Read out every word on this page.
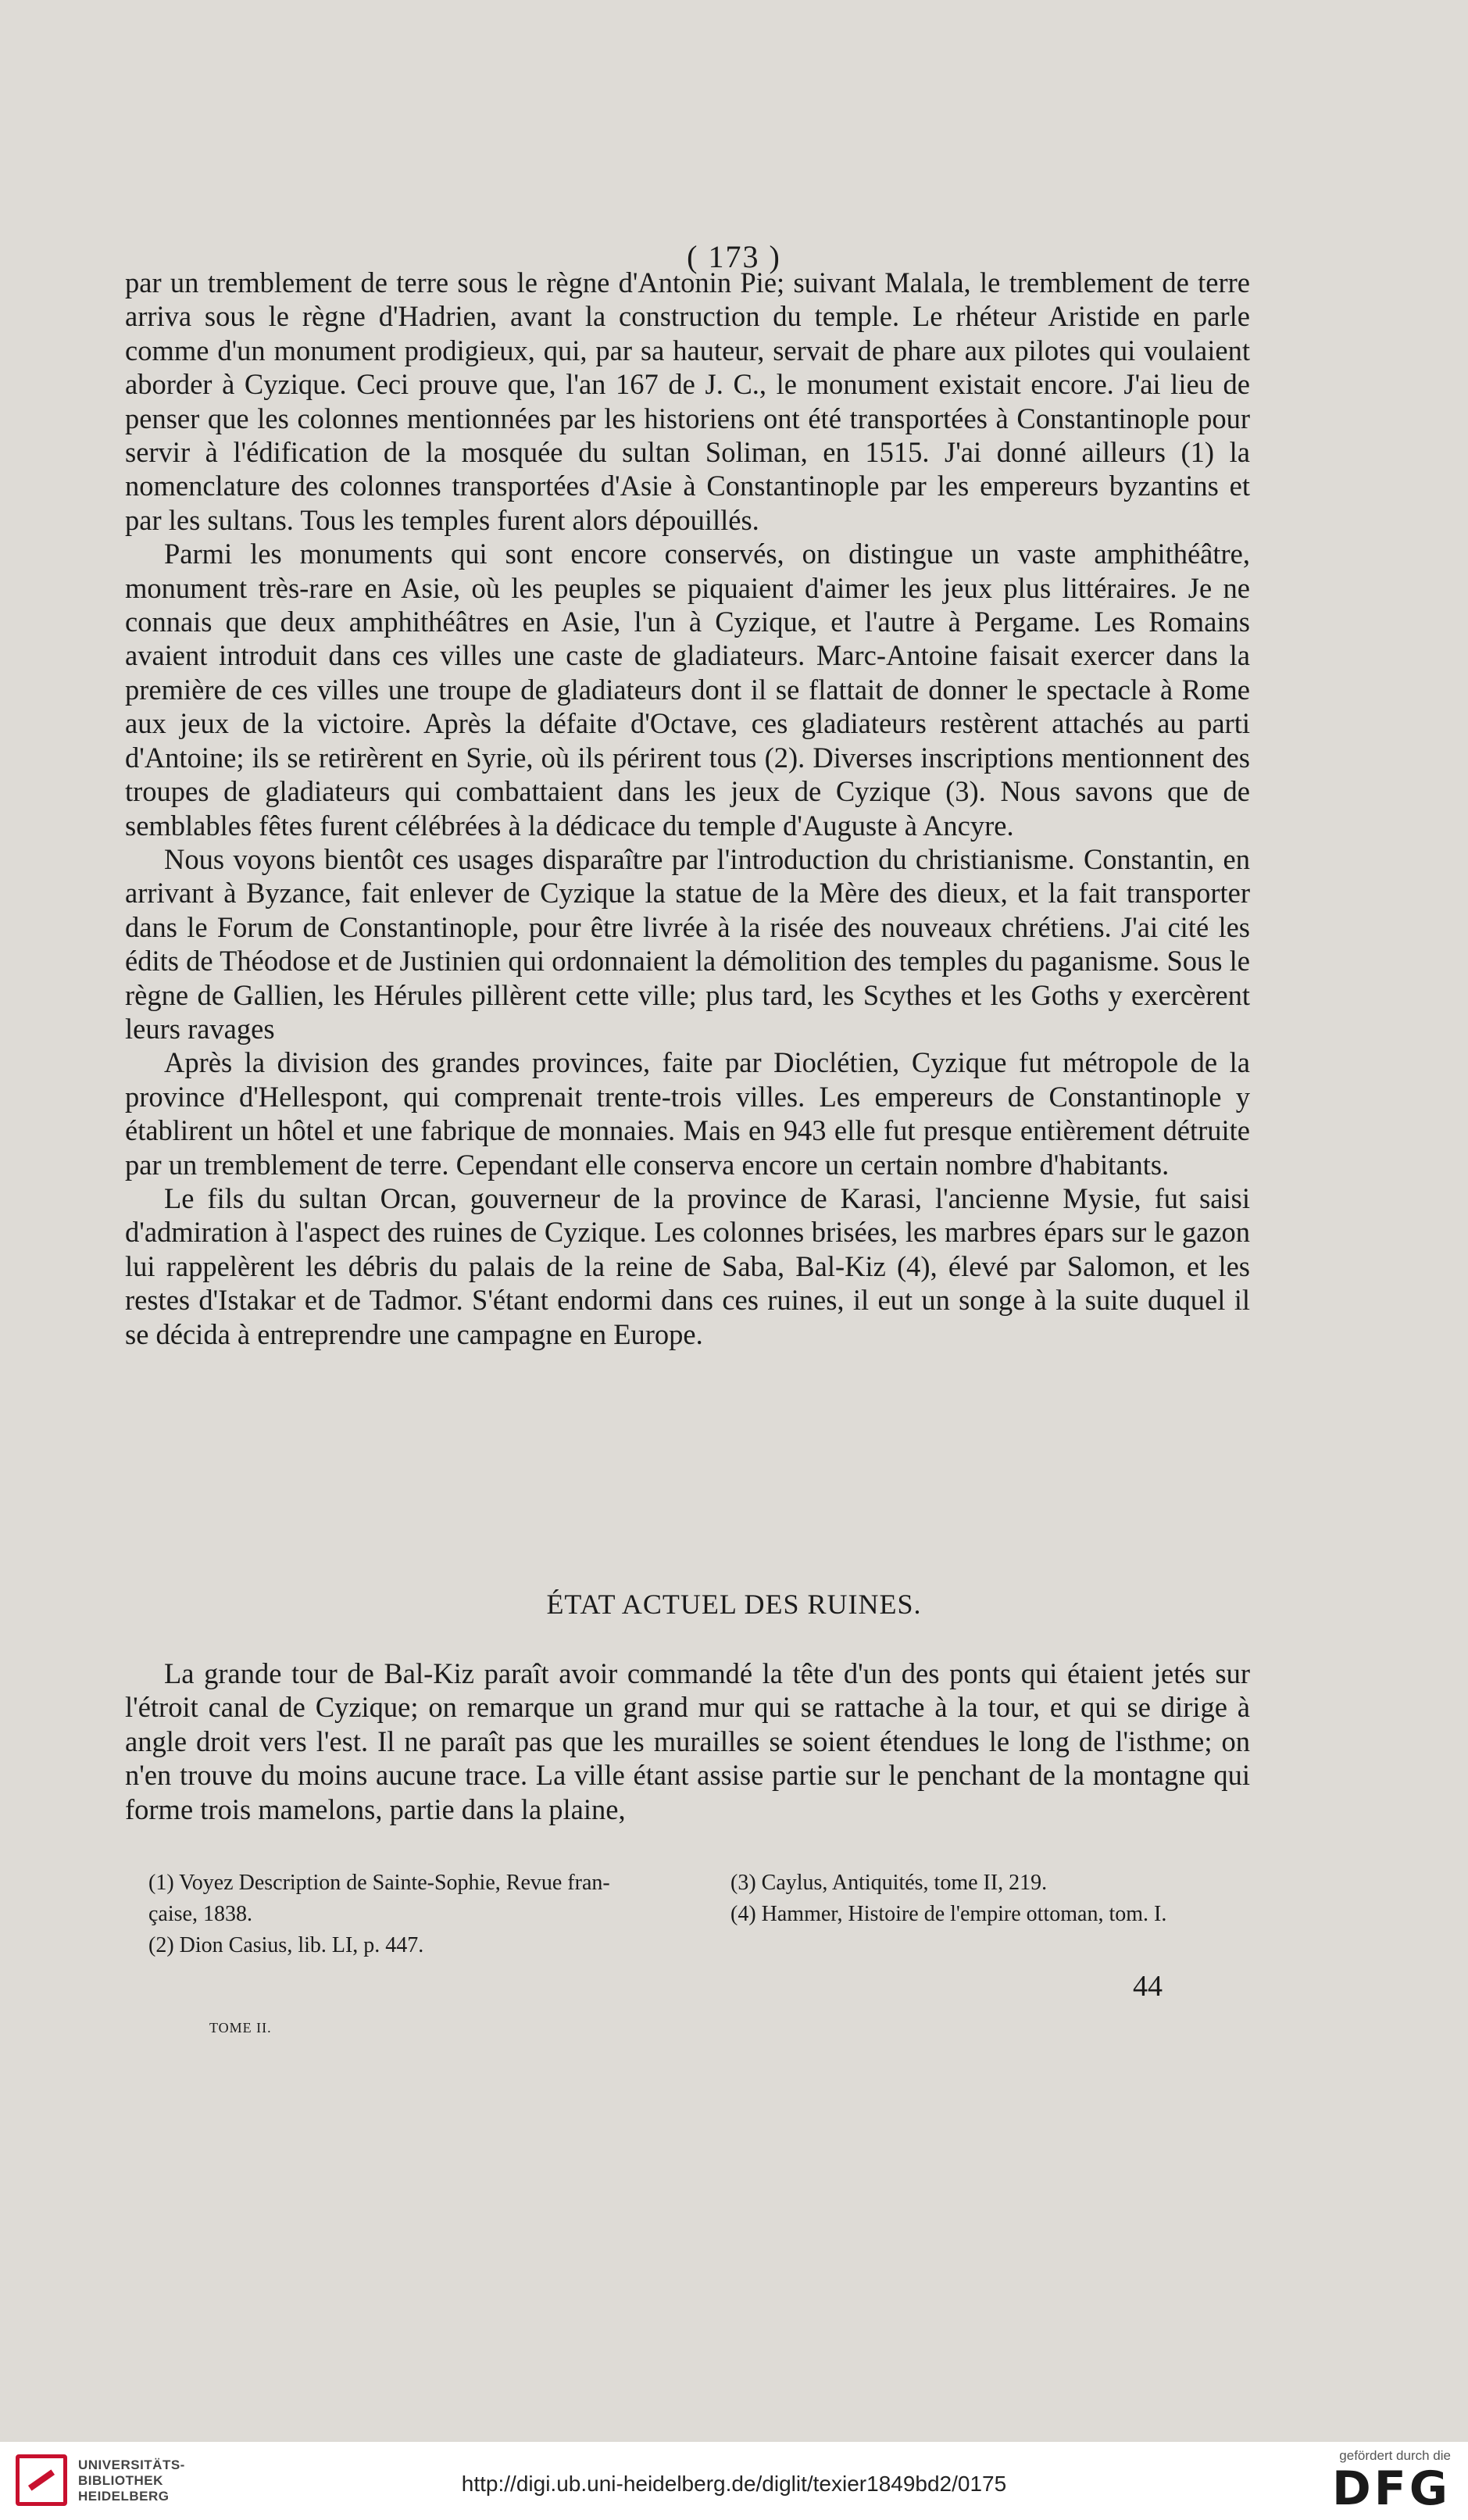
( 173 )

par un tremblement de terre sous le règne d'Antonin Pie; suivant Malala, le tremblement de terre arriva sous le règne d'Hadrien, avant la construction du temple. Le rhéteur Aristide en parle comme d'un monument prodigieux, qui, par sa hauteur, servait de phare aux pilotes qui voulaient aborder à Cyzique. Ceci prouve que, l'an 167 de J. C., le monument existait encore. J'ai lieu de penser que les colonnes mentionnées par les historiens ont été transportées à Constantinople pour servir à l'édification de la mosquée du sultan Soliman, en 1515. J'ai donné ailleurs (1) la nomenclature des colonnes transportées d'Asie à Constantinople par les empereurs byzantins et par les sultans. Tous les temples furent alors dépouillés.

Parmi les monuments qui sont encore conservés, on distingue un vaste amphithéâtre, monument très-rare en Asie, où les peuples se piquaient d'aimer les jeux plus littéraires. Je ne connais que deux amphithéâtres en Asie, l'un à Cyzique, et l'autre à Pergame. Les Romains avaient introduit dans ces villes une caste de gladiateurs. Marc-Antoine faisait exercer dans la première de ces villes une troupe de gladiateurs dont il se flattait de donner le spectacle à Rome aux jeux de la victoire. Après la défaite d'Octave, ces gladiateurs restèrent attachés au parti d'Antoine; ils se retirèrent en Syrie, où ils périrent tous (2). Diverses inscriptions mentionnent des troupes de gladiateurs qui combattaient dans les jeux de Cyzique (3). Nous savons que de semblables fêtes furent célébrées à la dédicace du temple d'Auguste à Ancyre.

Nous voyons bientôt ces usages disparaître par l'introduction du christianisme. Constantin, en arrivant à Byzance, fait enlever de Cyzique la statue de la Mère des dieux, et la fait transporter dans le Forum de Constantinople, pour être livrée à la risée des nouveaux chrétiens. J'ai cité les édits de Théodose et de Justinien qui ordonnaient la démolition des temples du paganisme. Sous le règne de Gallien, les Hérules pillèrent cette ville; plus tard, les Scythes et les Goths y exercèrent leurs ravages

Après la division des grandes provinces, faite par Dioclétien, Cyzique fut métropole de la province d'Hellespont, qui comprenait trente-trois villes. Les empereurs de Constantinople y établirent un hôtel et une fabrique de monnaies. Mais en 943 elle fut presque entièrement détruite par un tremblement de terre. Cependant elle conserva encore un certain nombre d'habitants.

Le fils du sultan Orcan, gouverneur de la province de Karasi, l'ancienne Mysie, fut saisi d'admiration à l'aspect des ruines de Cyzique. Les colonnes brisées, les marbres épars sur le gazon lui rappelèrent les débris du palais de la reine de Saba, Bal-Kiz (4), élevé par Salomon, et les restes d'Istakar et de Tadmor. S'étant endormi dans ces ruines, il eut un songe à la suite duquel il se décida à entreprendre une campagne en Europe.

ÉTAT ACTUEL DES RUINES.

La grande tour de Bal-Kiz paraît avoir commandé la tête d'un des ponts qui étaient jetés sur l'étroit canal de Cyzique; on remarque un grand mur qui se rattache à la tour, et qui se dirige à angle droit vers l'est. Il ne paraît pas que les murailles se soient étendues le long de l'isthme; on n'en trouve du moins aucune trace. La ville étant assise partie sur le penchant de la montagne qui forme trois mamelons, partie dans la plaine,

(1) Voyez Description de Sainte-Sophie, Revue fran-
çaise, 1838.
(2) Dion Casius, lib. LI, p. 447.
(3) Caylus, Antiquités, tome II, 219.
(4) Hammer, Histoire de l'empire ottoman, tom. I.
44
TOME II.
UNIVERSITÄTS-
BIBLIOTHEK
HEIDELBERG
http://digi.ub.uni-heidelberg.de/diglit/texier1849bd2/0175
gefördert durch die
DFG
